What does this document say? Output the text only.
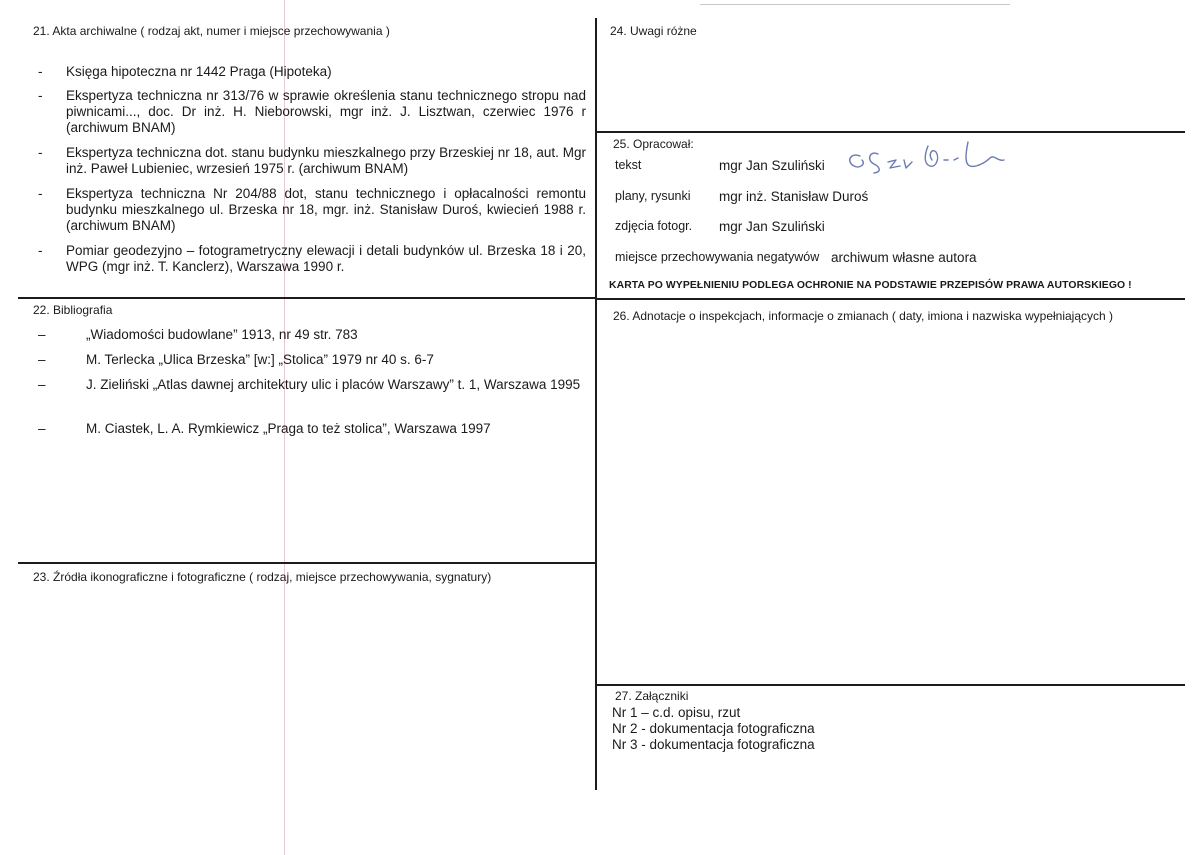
21. Akta archiwalne ( rodzaj akt, numer i miejsce przechowywania )
- Księga hipoteczna nr 1442 Praga (Hipoteka)
- Ekspertyza techniczna nr 313/76 w sprawie określenia stanu technicznego stropu nad piwnicami..., doc. Dr inż. H. Nieborowski, mgr inż. J. Lisztwan, czerwiec 1976 r (archiwum BNAM)
- Ekspertyza techniczna dot. stanu budynku mieszkalnego przy Brzeskiej nr 18, aut. Mgr inż. Paweł Lubieniec, wrzesień 1975 r. (archiwum BNAM)
- Ekspertyza techniczna Nr 204/88 dot, stanu technicznego i opłacalności remontu budynku mieszkalnego ul. Brzeska nr 18, mgr. inż. Stanisław Duroś, kwiecień 1988 r. (archiwum BNAM)
- Pomiar geodezyjno – fotogrametryczny elewacji i detali budynków ul. Brzeska 18 i 20, WPG (mgr inż. T. Kanclerz), Warszawa 1990 r.
22. Bibliografia
–	„Wiadomości budowlane” 1913, nr 49 str. 783
–	M. Terlecka „Ulica Brzeska” [w:] „Stolica” 1979 nr 40 s. 6-7
–	J. Zieliński „Atlas dawnej architektury ulic i placów Warszawy” t. 1, Warszawa 1995
–	M. Ciastek, L. A. Rymkiewicz „Praga to też stolica”, Warszawa 1997
23. Źródła ikonograficzne i fotograficzne ( rodzaj, miejsce przechowywania, sygnatury)
24. Uwagi różne
25. Opracował:
tekst	mgr Jan Szuliński
plany, rysunki mgr inż. Stanisław Duroś
zdjęcia fotogr. mgr Jan Szuliński
miejsce przechowywania negatywów archiwum własne autora
KARTA PO WYPEŁNIENIU PODLEGA OCHRONIE NA PODSTAWIE PRZEPISÓW PRAWA AUTORSKIEGO !
26. Adnotacje o inspekcjach, informacje o zmianach ( daty, imiona i nazwiska wypełniających )
27. Załączniki
Nr 1 – c.d. opisu, rzut
Nr 2 - dokumentacja fotograficzna
Nr 3 - dokumentacja fotograficzna
